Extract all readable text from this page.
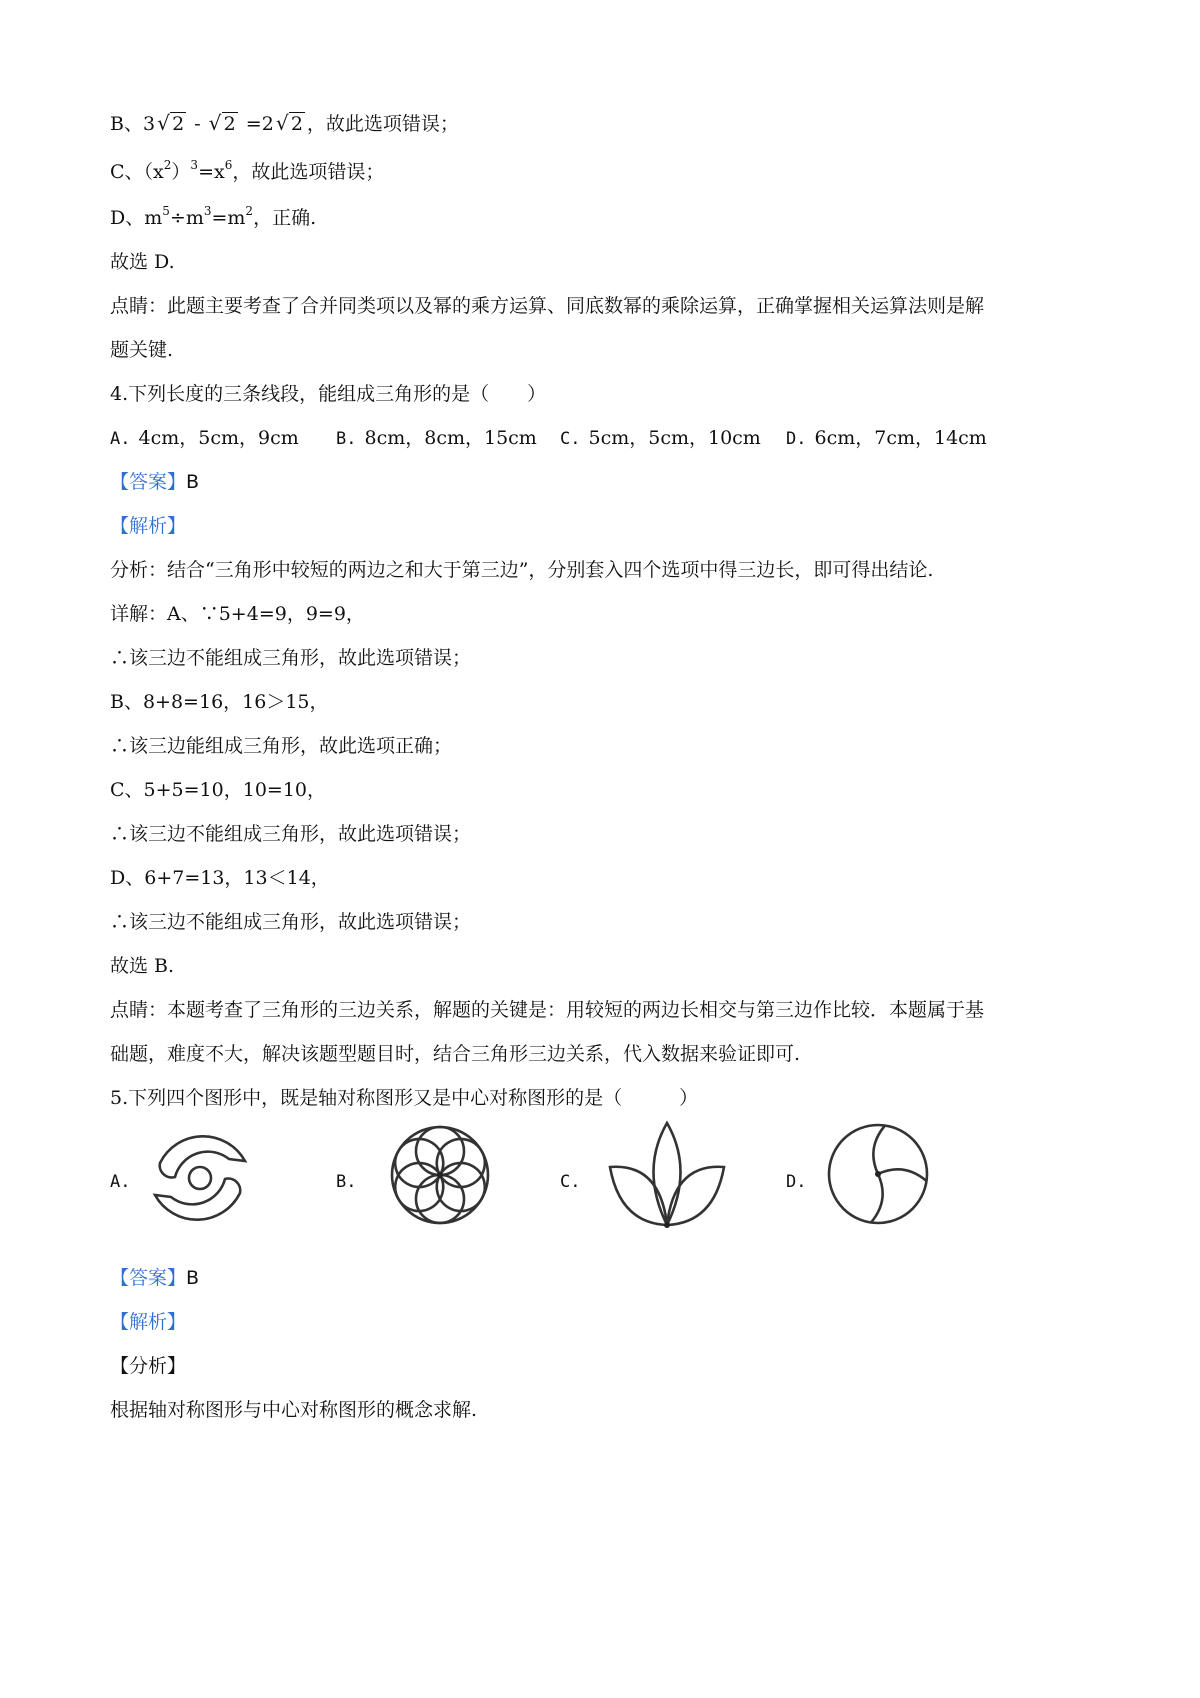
B、3 √ 2 - √ 2 =2 √ 2 ，故此选项错误；
C、$(x^2)^3=x^6$，故此选项错误；
D、$m^5\div m^3=m^2$，正确.
故选 D.
点睛：此题主要考查了合并同类项以及幂的乘方运算、同底数幂的乘除运算，正确掌握相关运算法则是解
题关键.
4.下列长度的三条线段，能组成三角形的是（　　）
A. 4cm，5cm，9cm B. 8cm，8cm，15cm C. 5cm，5cm，10cm D. 6cm，7cm，14cm
【答案】B
【解析】
分析：结合“三角形中较短的两边之和大于第三边”，分别套入四个选项中得三边长，即可得出结论.
详解：A、∵5+4=9，9=9，
∴该三边不能组成三角形，故此选项错误；
B、8+8=16，16＞15，
∴该三边能组成三角形，故此选项正确；
C、5+5=10，10=10，
∴该三边不能组成三角形，故此选项错误；
D、6+7=13，13＜14，
∴该三边不能组成三角形，故此选项错误；
故选 B.
点睛：本题考查了三角形的三边关系，解题的关键是：用较短的两边长相交与第三边作比较．本题属于基
础题，难度不大，解决该题型题目时，结合三角形三边关系，代入数据来验证即可.
5.下列四个图形中，既是轴对称图形又是中心对称图形的是（　　　）
A.	B.	C.	D.
【答案】B
【解析】
【分析】
根据轴对称图形与中心对称图形的概念求解.
